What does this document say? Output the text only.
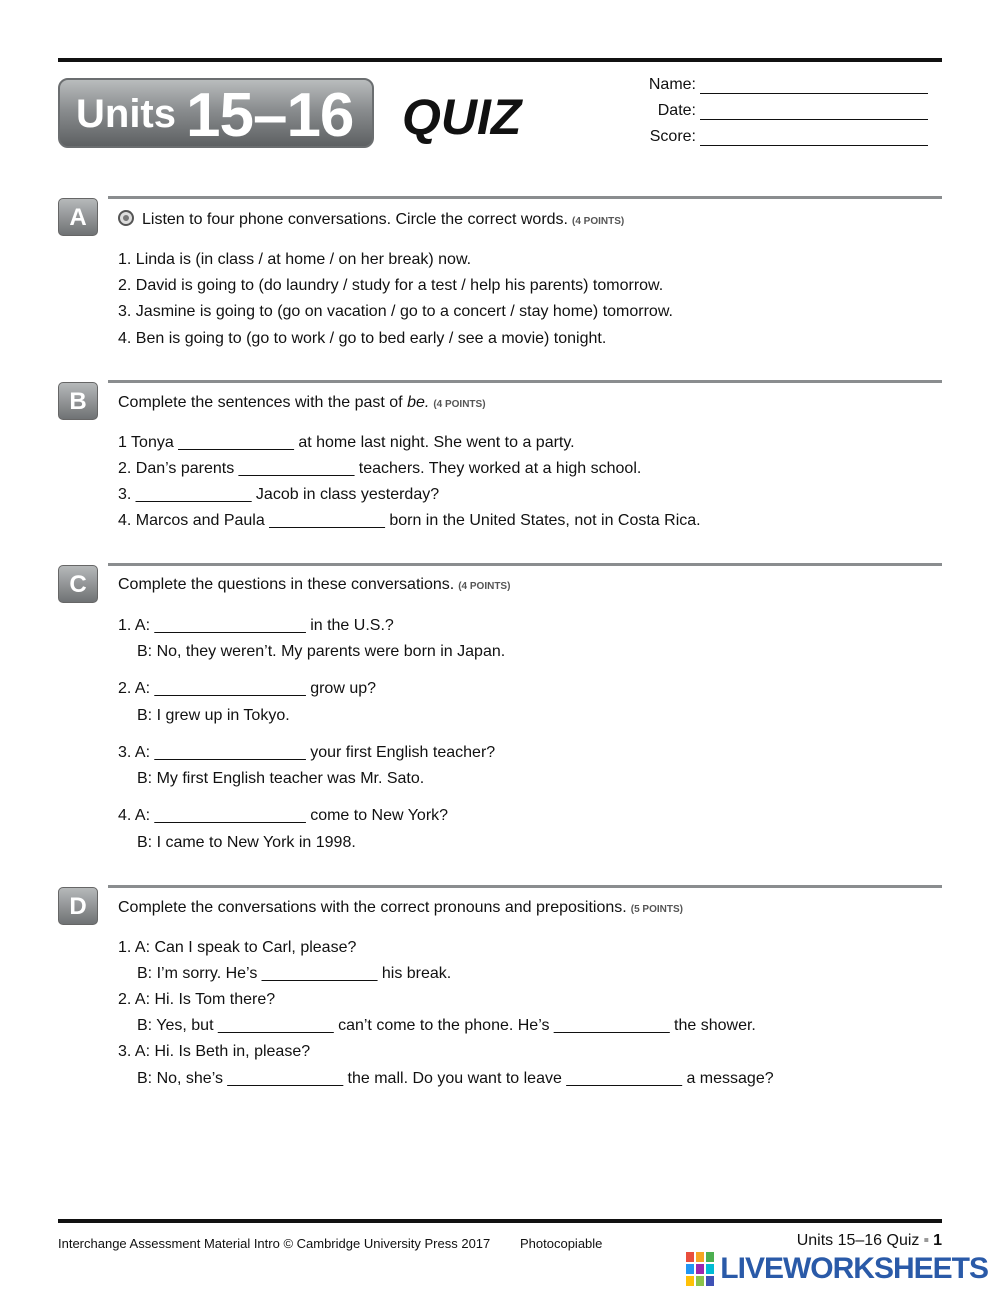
Units 15–16 QUIZ
Name:
Date:
Score:
A	Listen to four phone conversations. Circle the correct words. (4 POINTS)
1. Linda is (in class / at home / on her break) now.
2. David is going to (do laundry / study for a test / help his parents) tomorrow.
3. Jasmine is going to (go on vacation / go to a concert / stay home) tomorrow.
4. Ben is going to (go to work / go to bed early / see a movie) tonight.
B	Complete the sentences with the past of be. (4 POINTS)
1 Tonya _____________ at home last night. She went to a party.
2. Dan’s parents _____________ teachers. They worked at a high school.
3. _____________ Jacob in class yesterday?
4. Marcos and Paula _____________ born in the United States, not in Costa Rica.
C	Complete the questions in these conversations. (4 POINTS)
1. A: _________________ in the U.S.?
B: No, they weren’t. My parents were born in Japan.
2. A: _________________ grow up?
B: I grew up in Tokyo.
3. A: _________________ your first English teacher?
B: My first English teacher was Mr. Sato.
4. A: _________________ come to New York?
B: I came to New York in 1998.
D	Complete the conversations with the correct pronouns and prepositions. (5 POINTS)
1. A: Can I speak to Carl, please?
B: I’m sorry. He’s _____________ his break.
2. A: Hi. Is Tom there?
B: Yes, but _____________ can’t come to the phone. He’s _____________ the shower.
3. A: Hi. Is Beth in, please?
B: No, she’s _____________ the mall. Do you want to leave _____________ a message?
Interchange Assessment Material Intro © Cambridge University Press 2017 Photocopiable	Units 15–16 Quiz ▪ 1
LIVEWORKSHEETS
